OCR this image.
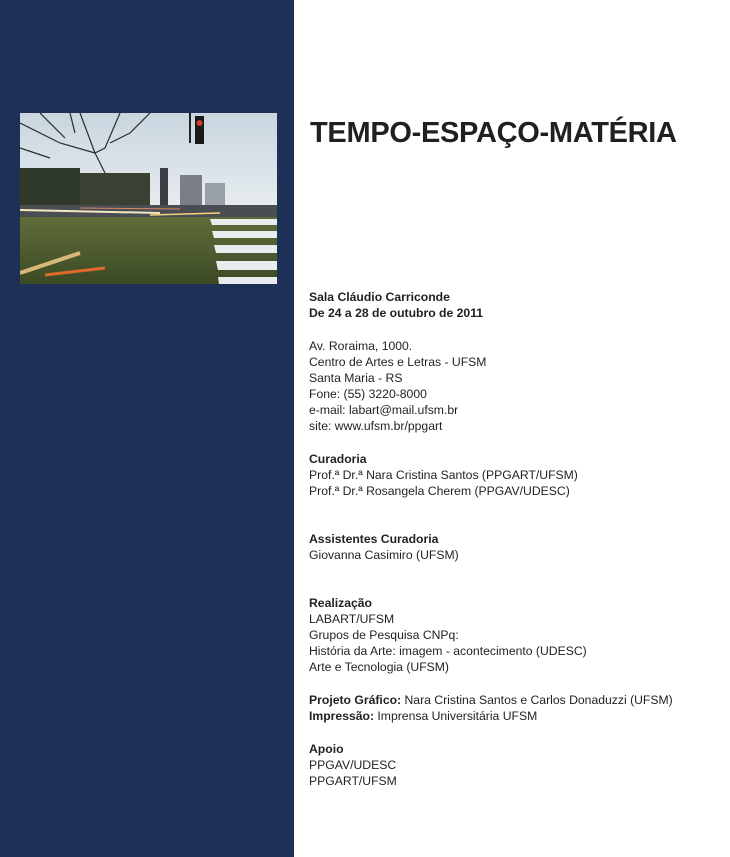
TEMPO-ESPAÇO-MATÉRIA
Sala Cláudio Carriconde
De 24 a 28 de outubro de 2011
Av. Roraima, 1000.
Centro de Artes e Letras - UFSM
Santa Maria - RS
Fone: (55) 3220-8000
e-mail: labart@mail.ufsm.br
site: www.ufsm.br/ppgart
Curadoria
Prof.ª Dr.ª Nara Cristina Santos (PPGART/UFSM)
Prof.ª Dr.ª Rosangela Cherem (PPGAV/UDESC)
Assistentes Curadoria
Giovanna Casimiro (UFSM)
Realização
LABART/UFSM
Grupos de Pesquisa CNPq:
História da Arte: imagem - acontecimento (UDESC)
Arte e Tecnologia (UFSM)
Projeto Gráfico: Nara Cristina Santos e Carlos Donaduzzi (UFSM)
Impressão: Imprensa Universitária UFSM
Apoio
PPGAV/UDESC
PPGART/UFSM
